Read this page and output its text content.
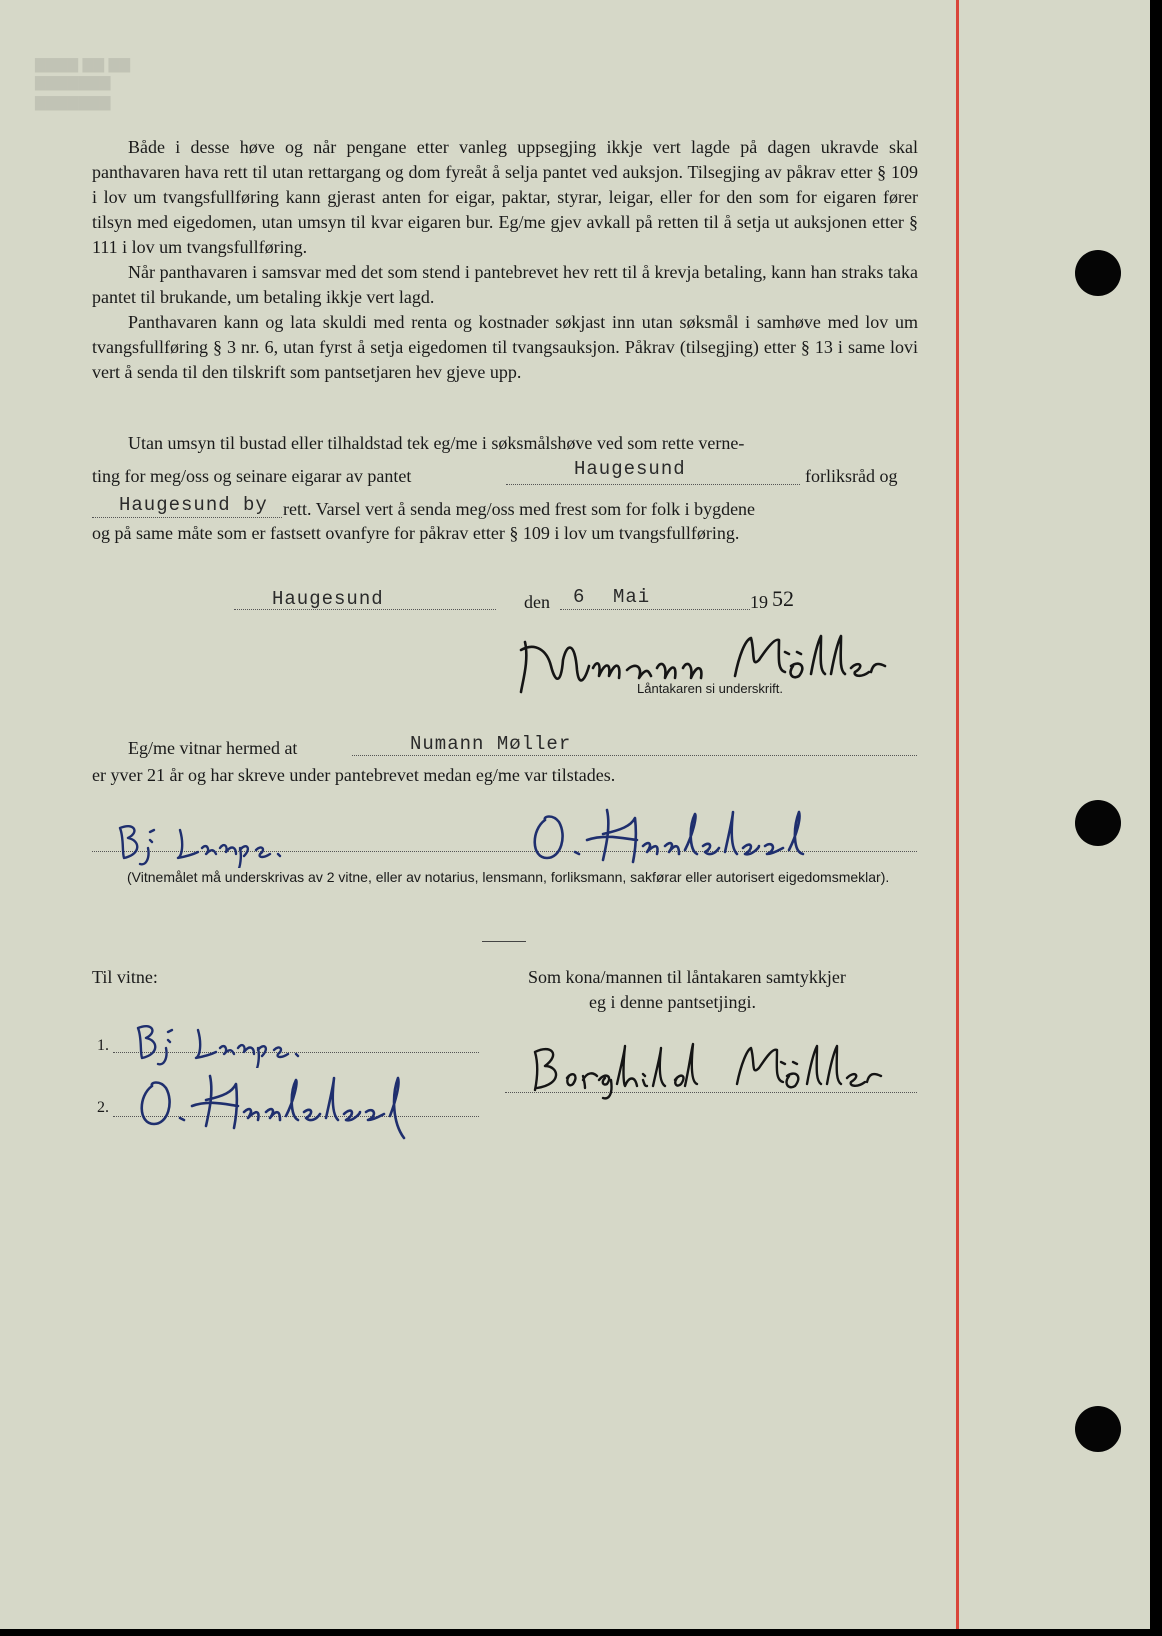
▇▇▇▇ ▇▇ ▇▇
▇▇▇▇▇▇▇ ▇▇▇▇▇▇▇

Både i desse høve og når pengane etter vanleg uppsegjing ikkje vert lagde på dagen ukravde skal panthavaren hava rett til utan rettargang og dom fyreåt å selja pantet ved auksjon. Tilsegjing av påkrav etter § 109 i lov um tvangsfullføring kann gjerast anten for eigar, paktar, styrar, leigar, eller for den som for eigaren fører tilsyn med eigedomen, utan umsyn til kvar eigaren bur. Eg/me gjev avkall på retten til å setja ut auksjonen etter § 111 i lov um tvangsfullføring.

Når panthavaren i samsvar med det som stend i pantebrevet hev rett til å krevja betaling, kann han straks taka pantet til brukande, um betaling ikkje vert lagd.

Panthavaren kann og lata skuldi med renta og kostnader søkjast inn utan søksmål i samhøve med lov um tvangsfullføring § 3 nr. 6, utan fyrst å setja eigedomen til tvangsauksjon. Påkrav (tilsegjing) etter § 13 i same lovi vert å senda til den tilskrift som pantsetjaren hev gjeve upp.

Utan umsyn til bustad eller tilhaldstad tek eg/me i søksmålshøve ved som rette verne-
ting for meg/oss og seinare eigarar av pantet	Haugesund	forliksråd og
Haugesund by rett. Varsel vert å senda meg/oss med frest som for folk i bygdene
og på same måte som er fastsett ovanfyre for påkrav etter § 109 i lov um tvangsfullføring.
Haugesund	den 6 Mai	19 52
Låntakaren si underskrift.
Eg/me vitnar hermed at	Numann Møller
er yver 21 år og har skreve under pantebrevet medan eg/me var tilstades.
(Vitnemålet må underskrivas av 2 vitne, eller av notarius, lensmann, forliksmann, sakførar eller autorisert eigedomsmeklar).
Til vitne:	Som kona/mannen til låntakaren samtykkjer
eg i denne pantsetjingi.
1.
2.
